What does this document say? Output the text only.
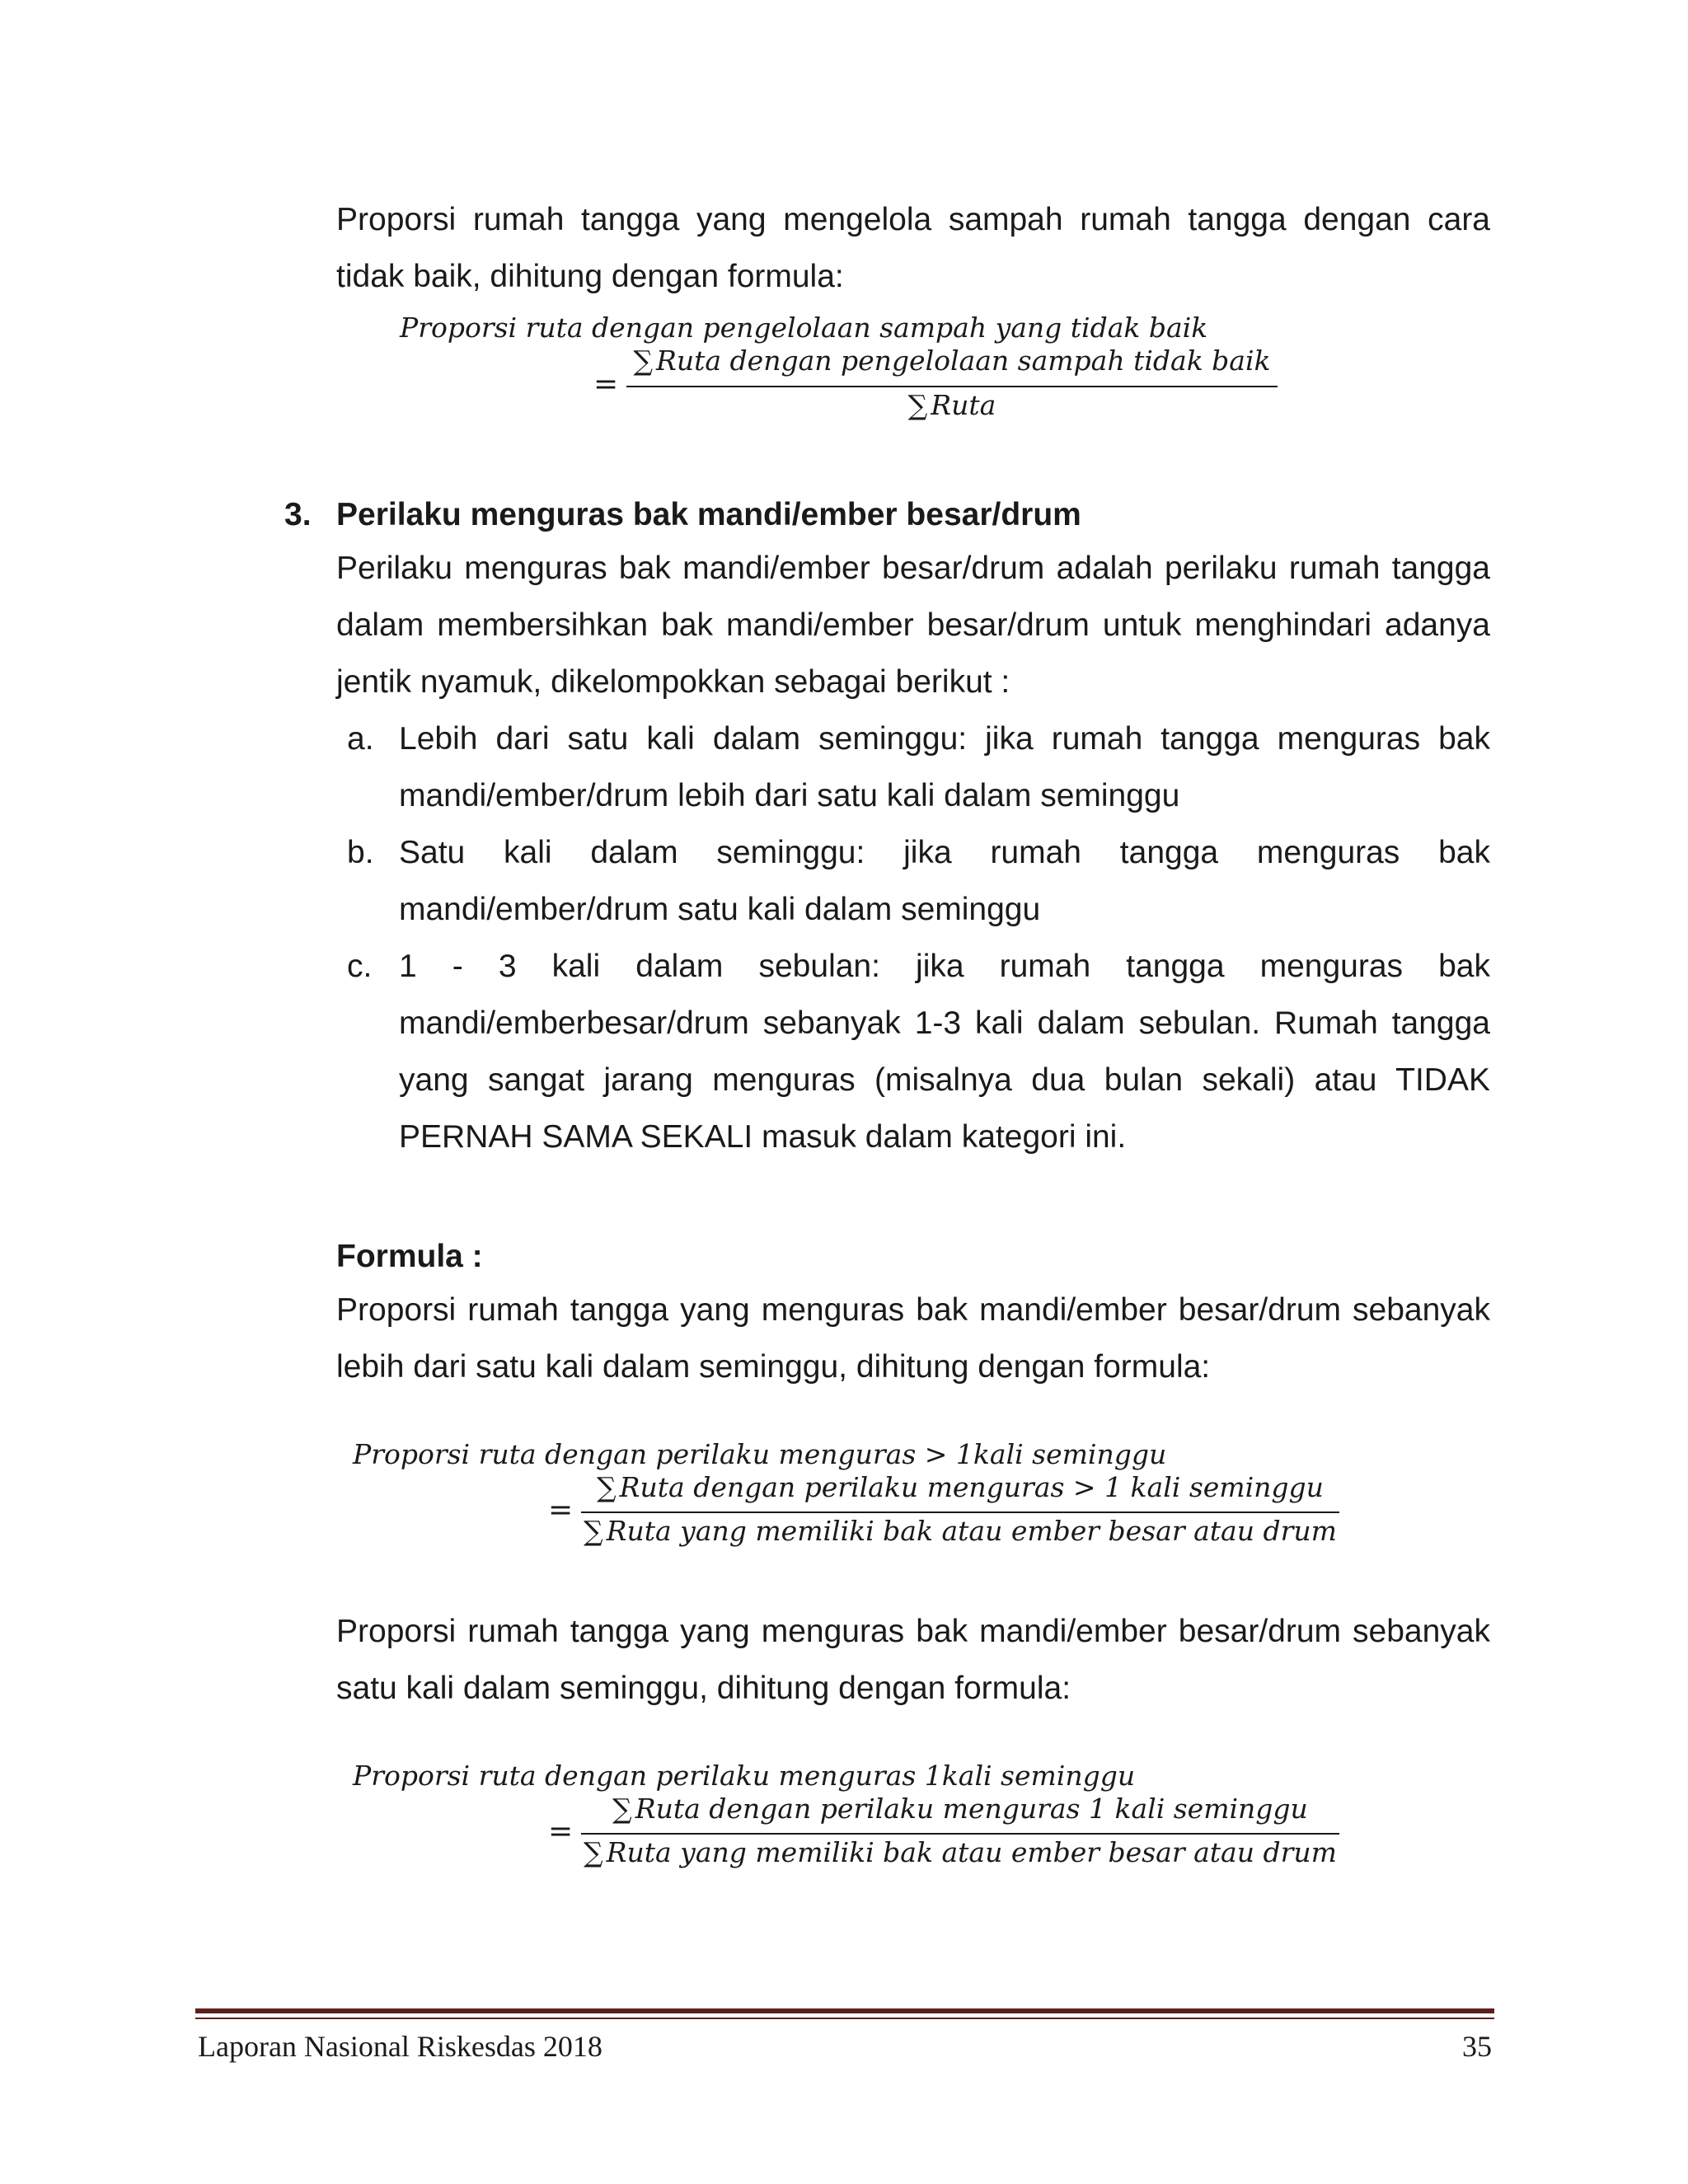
Proporsi rumah tangga yang mengelola sampah rumah tangga dengan cara tidak baik, dihitung dengan formula:
Proporsi ruta dengan pengelolaan sampah yang tidak baik
=
∑ Ruta dengan pengelolaan sampah tidak baik
∑ Ruta
3. Perilaku menguras bak mandi/ember besar/drum
Perilaku menguras bak mandi/ember besar/drum adalah perilaku rumah tangga dalam membersihkan bak mandi/ember besar/drum untuk menghindari adanya jentik nyamuk, dikelompokkan sebagai berikut :
a. Lebih dari satu kali dalam seminggu: jika rumah tangga menguras bak mandi/ember/drum lebih dari satu kali dalam seminggu
b. Satu kali dalam seminggu: jika rumah tangga menguras bak mandi/ember/drum satu kali dalam seminggu
c. 1 - 3 kali dalam sebulan: jika rumah tangga menguras bak mandi/emberbesar/drum sebanyak 1-3 kali dalam sebulan. Rumah tangga yang sangat jarang menguras (misalnya dua bulan sekali) atau TIDAK PERNAH SAMA SEKALI masuk dalam kategori ini.
Formula :
Proporsi rumah tangga yang menguras bak mandi/ember besar/drum sebanyak lebih dari satu kali dalam seminggu, dihitung dengan formula:
Proporsi ruta dengan perilaku menguras > 1kali seminggu
=
∑ Ruta dengan perilaku menguras > 1 kali seminggu
∑ Ruta yang memiliki bak atau ember besar atau drum
Proporsi rumah tangga yang menguras bak mandi/ember besar/drum sebanyak satu kali dalam seminggu, dihitung dengan formula:
Proporsi ruta dengan perilaku menguras 1kali seminggu
=
∑ Ruta dengan perilaku menguras 1 kali seminggu
∑ Ruta yang memiliki bak atau ember besar atau drum
Laporan Nasional Riskesdas 2018	35
